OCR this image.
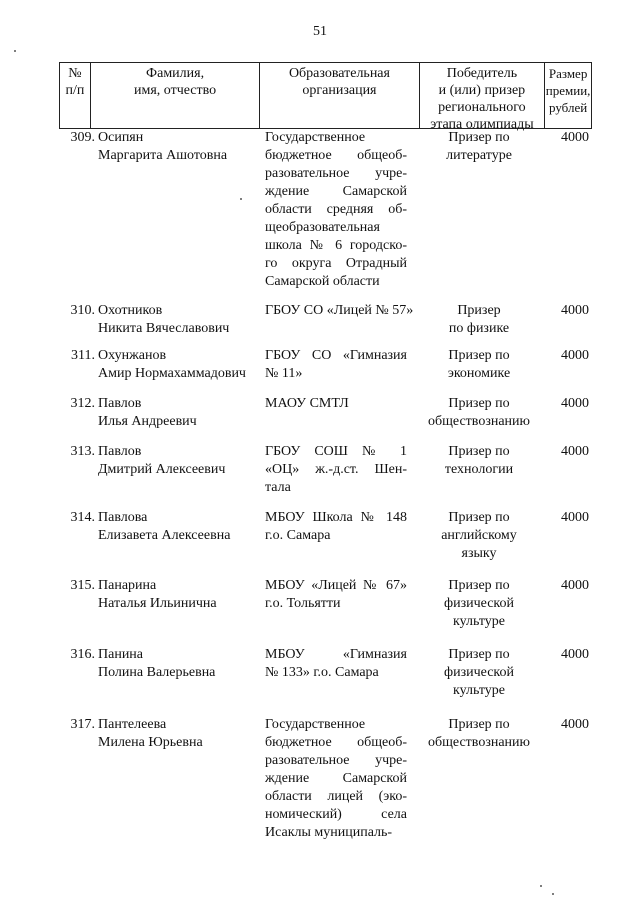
51
№
п/п
Фамилия,
имя, отчество
Образовательная
организация
Победитель
и (или) призер
регионального
этапа олимпиады
Размер
премии,
рублей
309. Осипян
Маргарита Ашотовна
Государственное
бюджетное общеоб-
разовательное учре-
ждение Самарской
области средняя об-
щеобразовательная
школа № 6 городско-
го округа Отрадный
Самарской области
Призер по
литературе
4000
310. Охотников
Никита Вячеславович
ГБОУ СО «Лицей № 57»	Призер
по физике
4000
311. Охунжанов
Амир Нормахаммадович
ГБОУ СО «Гимназия
№ 11»
Призер по
экономике
4000
312. Павлов
Илья Андреевич
МАОУ СМТЛ	Призер по
обществознанию
4000
313. Павлов
Дмитрий Алексеевич
ГБОУ СОШ № 1
«ОЦ» ж.-д.ст. Шен-
тала
Призер по
технологии
4000
314. Павлова
Елизавета Алексеевна
МБОУ Школа № 148
г.о. Самара
Призер по
английскому
языку
4000
315. Панарина
Наталья Ильинична
МБОУ «Лицей № 67»
г.о. Тольятти
Призер по
физической
культуре
4000
316. Панина
Полина Валерьевна
МБОУ «Гимназия
№ 133» г.о. Самара
Призер по
физической
культуре
4000
317. Пантелеева
Милена Юрьевна
Государственное
бюджетное общеоб-
разовательное учре-
ждение Самарской
области лицей (эко-
номический) села
Исаклы муниципаль-
Призер по
обществознанию
4000
